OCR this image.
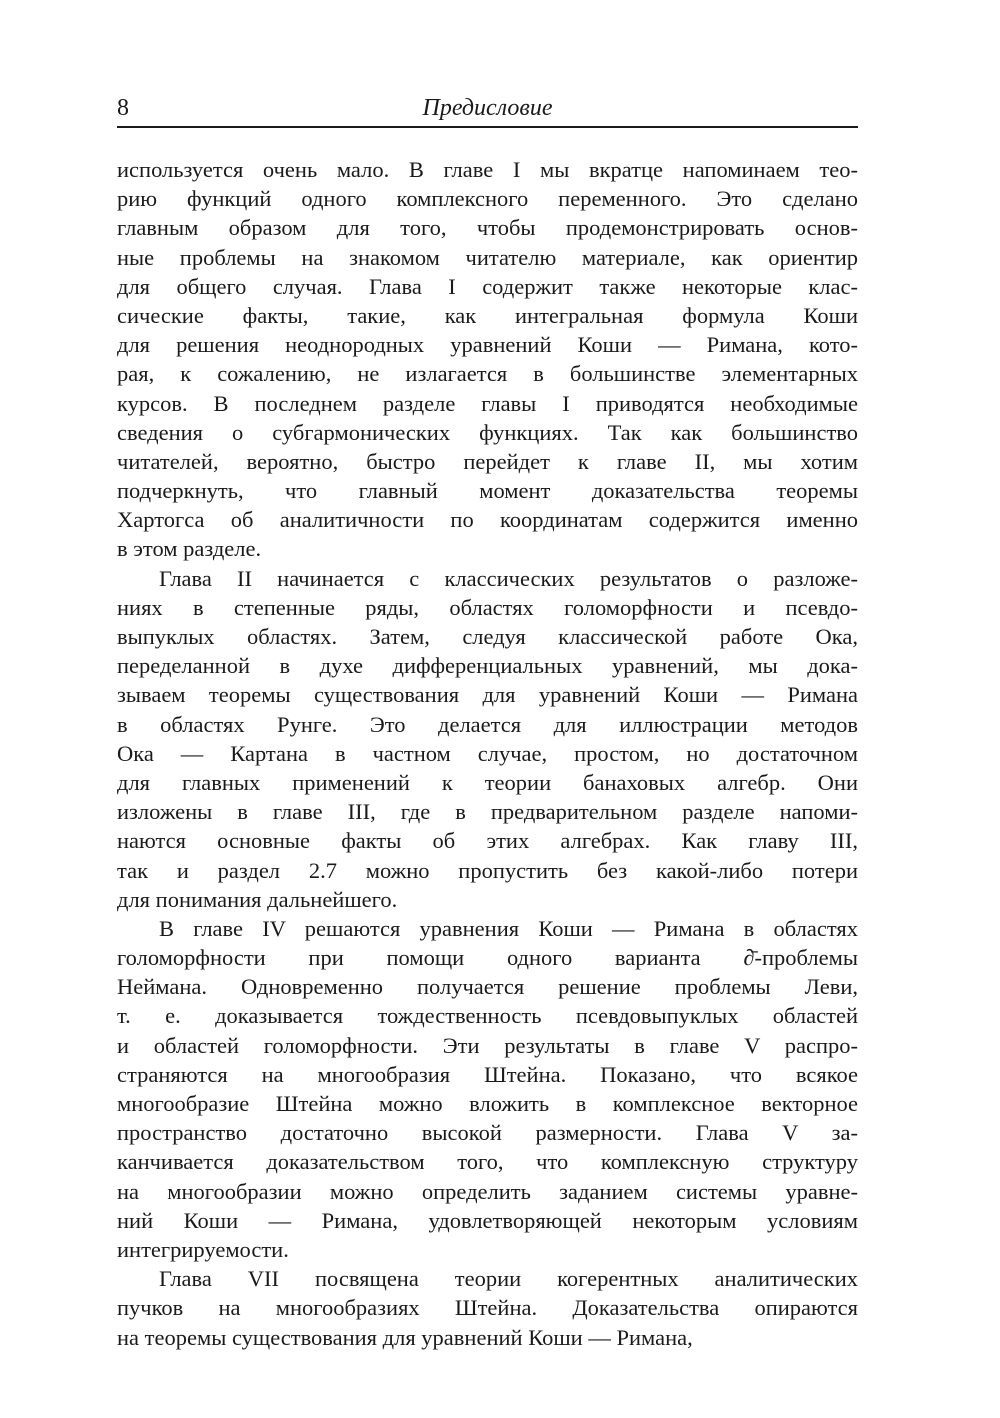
8	Предисловие
используется очень мало. В главе I мы вкратце напоминаем тео-
рию функций одного комплексного переменного. Это сделано
главным образом для того, чтобы продемонстрировать основ-
ные проблемы на знакомом читателю материале, как ориентир
для общего случая. Глава I содержит также некоторые клас-
сические факты, такие, как интегральная формула Коши
для решения неоднородных уравнений Коши — Римана, кото-
рая, к сожалению, не излагается в большинстве элементарных
курсов. В последнем разделе главы I приводятся необходимые
сведения о субгармонических функциях. Так как большинство
читателей, вероятно, быстро перейдет к главе II, мы хотим
подчеркнуть, что главный момент доказательства теоремы
Хартогса об аналитичности по координатам содержится именно
в этом разделе.
Глава II начинается с классических результатов о разложе-
ниях в степенные ряды, областях голоморфности и псевдо-
выпуклых областях. Затем, следуя классической работе Ока,
переделанной в духе дифференциальных уравнений, мы дока-
зываем теоремы существования для уравнений Коши — Римана
в областях Рунге. Это делается для иллюстрации методов
Ока — Картана в частном случае, простом, но достаточном
для главных применений к теории банаховых алгебр. Они
изложены в главе III, где в предварительном разделе напоми-
наются основные факты об этих алгебрах. Как главу III,
так и раздел 2.7 можно пропустить без какой-либо потери
для понимания дальнейшего.
В главе IV решаются уравнения Коши — Римана в областях
голоморфности при помощи одного варианта ∂̄-проблемы
Неймана. Одновременно получается решение проблемы Леви,
т. е. доказывается тождественность псевдовыпуклых областей
и областей голоморфности. Эти результаты в главе V распро-
страняются на многообразия Штейна. Показано, что всякое
многообразие Штейна можно вложить в комплексное векторное
пространство достаточно высокой размерности. Глава V за-
канчивается доказательством того, что комплексную структуру
на многообразии можно определить заданием системы уравне-
ний Коши — Римана, удовлетворяющей некоторым условиям
интегрируемости.
Глава VII посвящена теории когерентных аналитических
пучков на многообразиях Штейна. Доказательства опираются
на теоремы существования для уравнений Коши — Римана,
